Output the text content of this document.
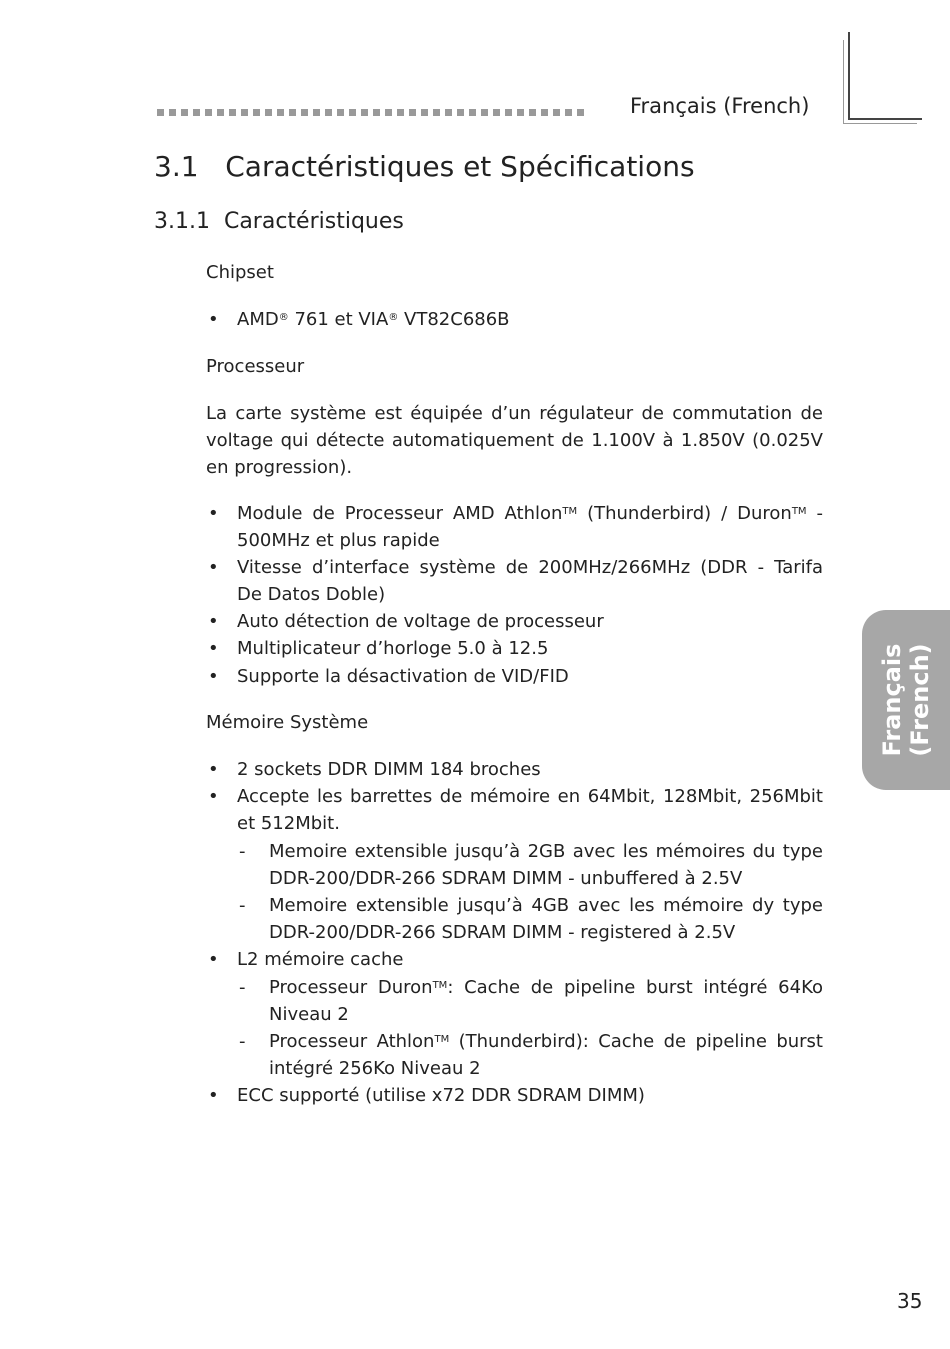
Français (French)
3.1   Caractéristiques et Spécifications
3.1.1  Caractéristiques
Chipset
• AMD® 761 et VIA® VT82C686B
Processeur
La carte système est équipée d’un régulateur de commutation de voltage qui détecte automatiquement de 1.100V à 1.850V (0.025V en progression).
• Module de Processeur AMD Athlon™ (Thunderbird) / Duron™ - 500MHz et plus rapide
• Vitesse d’interface système de 200MHz/266MHz (DDR - Tarifa De Datos Doble)
• Auto détection de voltage de processeur
• Multiplicateur d’horloge 5.0 à 12.5
• Supporte la désactivation de VID/FID
Mémoire Système
• 2 sockets DDR DIMM 184 broches
• Accepte les barrettes de mémoire en 64Mbit, 128Mbit, 256Mbit et 512Mbit.
- Memoire extensible jusqu’à 2GB avec les mémoires du type DDR-200/DDR-266 SDRAM DIMM - unbuffered à 2.5V
- Memoire extensible jusqu’à 4GB avec les mémoire dy type DDR-200/DDR-266 SDRAM DIMM - registered à 2.5V
• L2 mémoire cache
- Processeur Duron™: Cache de pipeline burst intégré 64Ko Niveau 2
- Processeur Athlon™ (Thunderbird): Cache de pipeline burst intégré 256Ko Niveau 2
• ECC supporté (utilise x72 DDR SDRAM DIMM)
Français (French)
35
